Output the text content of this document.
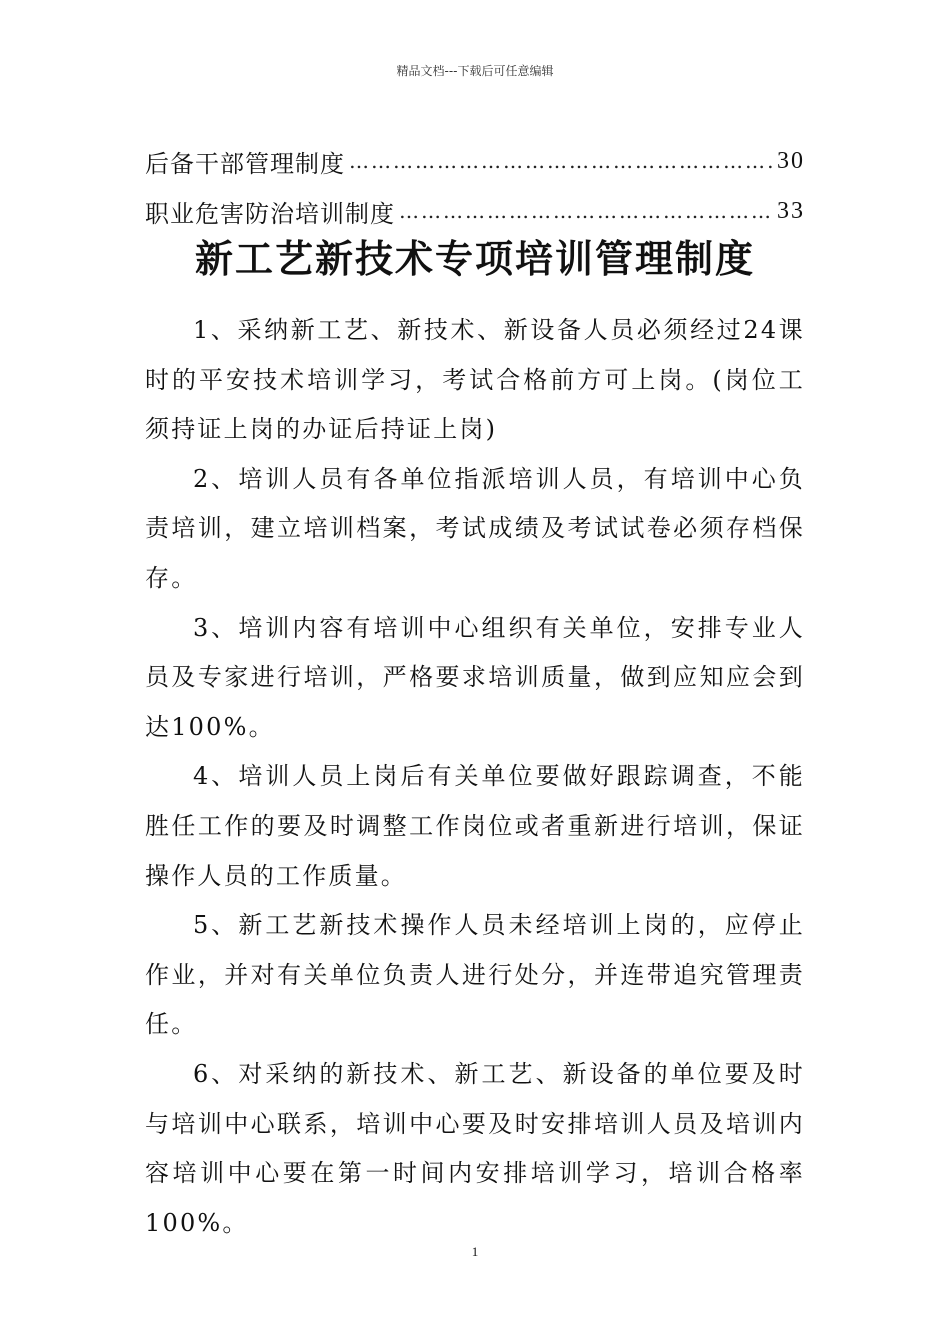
精品文档---下载后可任意编辑
后备干部管理制度 …………………………………………………………………………………………	30
职业危害防治培训制度 …………………………………………………………………………………………	33
新工艺新技术专项培训管理制度

1、采纳新工艺、新技术、新设备人员必须经过24课时的平安技术培训学习，考试合格前方可上岗。(岗位工须持证上岗的办证后持证上岗)

2、培训人员有各单位指派培训人员，有培训中心负责培训，建立培训档案，考试成绩及考试试卷必须存档保存。

3、培训内容有培训中心组织有关单位，安排专业人员及专家进行培训，严格要求培训质量，做到应知应会到达100%。

4、培训人员上岗后有关单位要做好跟踪调查，不能胜任工作的要及时调整工作岗位或者重新进行培训，保证操作人员的工作质量。

5、新工艺新技术操作人员未经培训上岗的，应停止作业，并对有关单位负责人进行处分，并连带追究管理责任。

6、对采纳的新技术、新工艺、新设备的单位要及时与培训中心联系，培训中心要及时安排培训人员及培训内容培训中心要在第一时间内安排培训学习，培训合格率100%。

1
